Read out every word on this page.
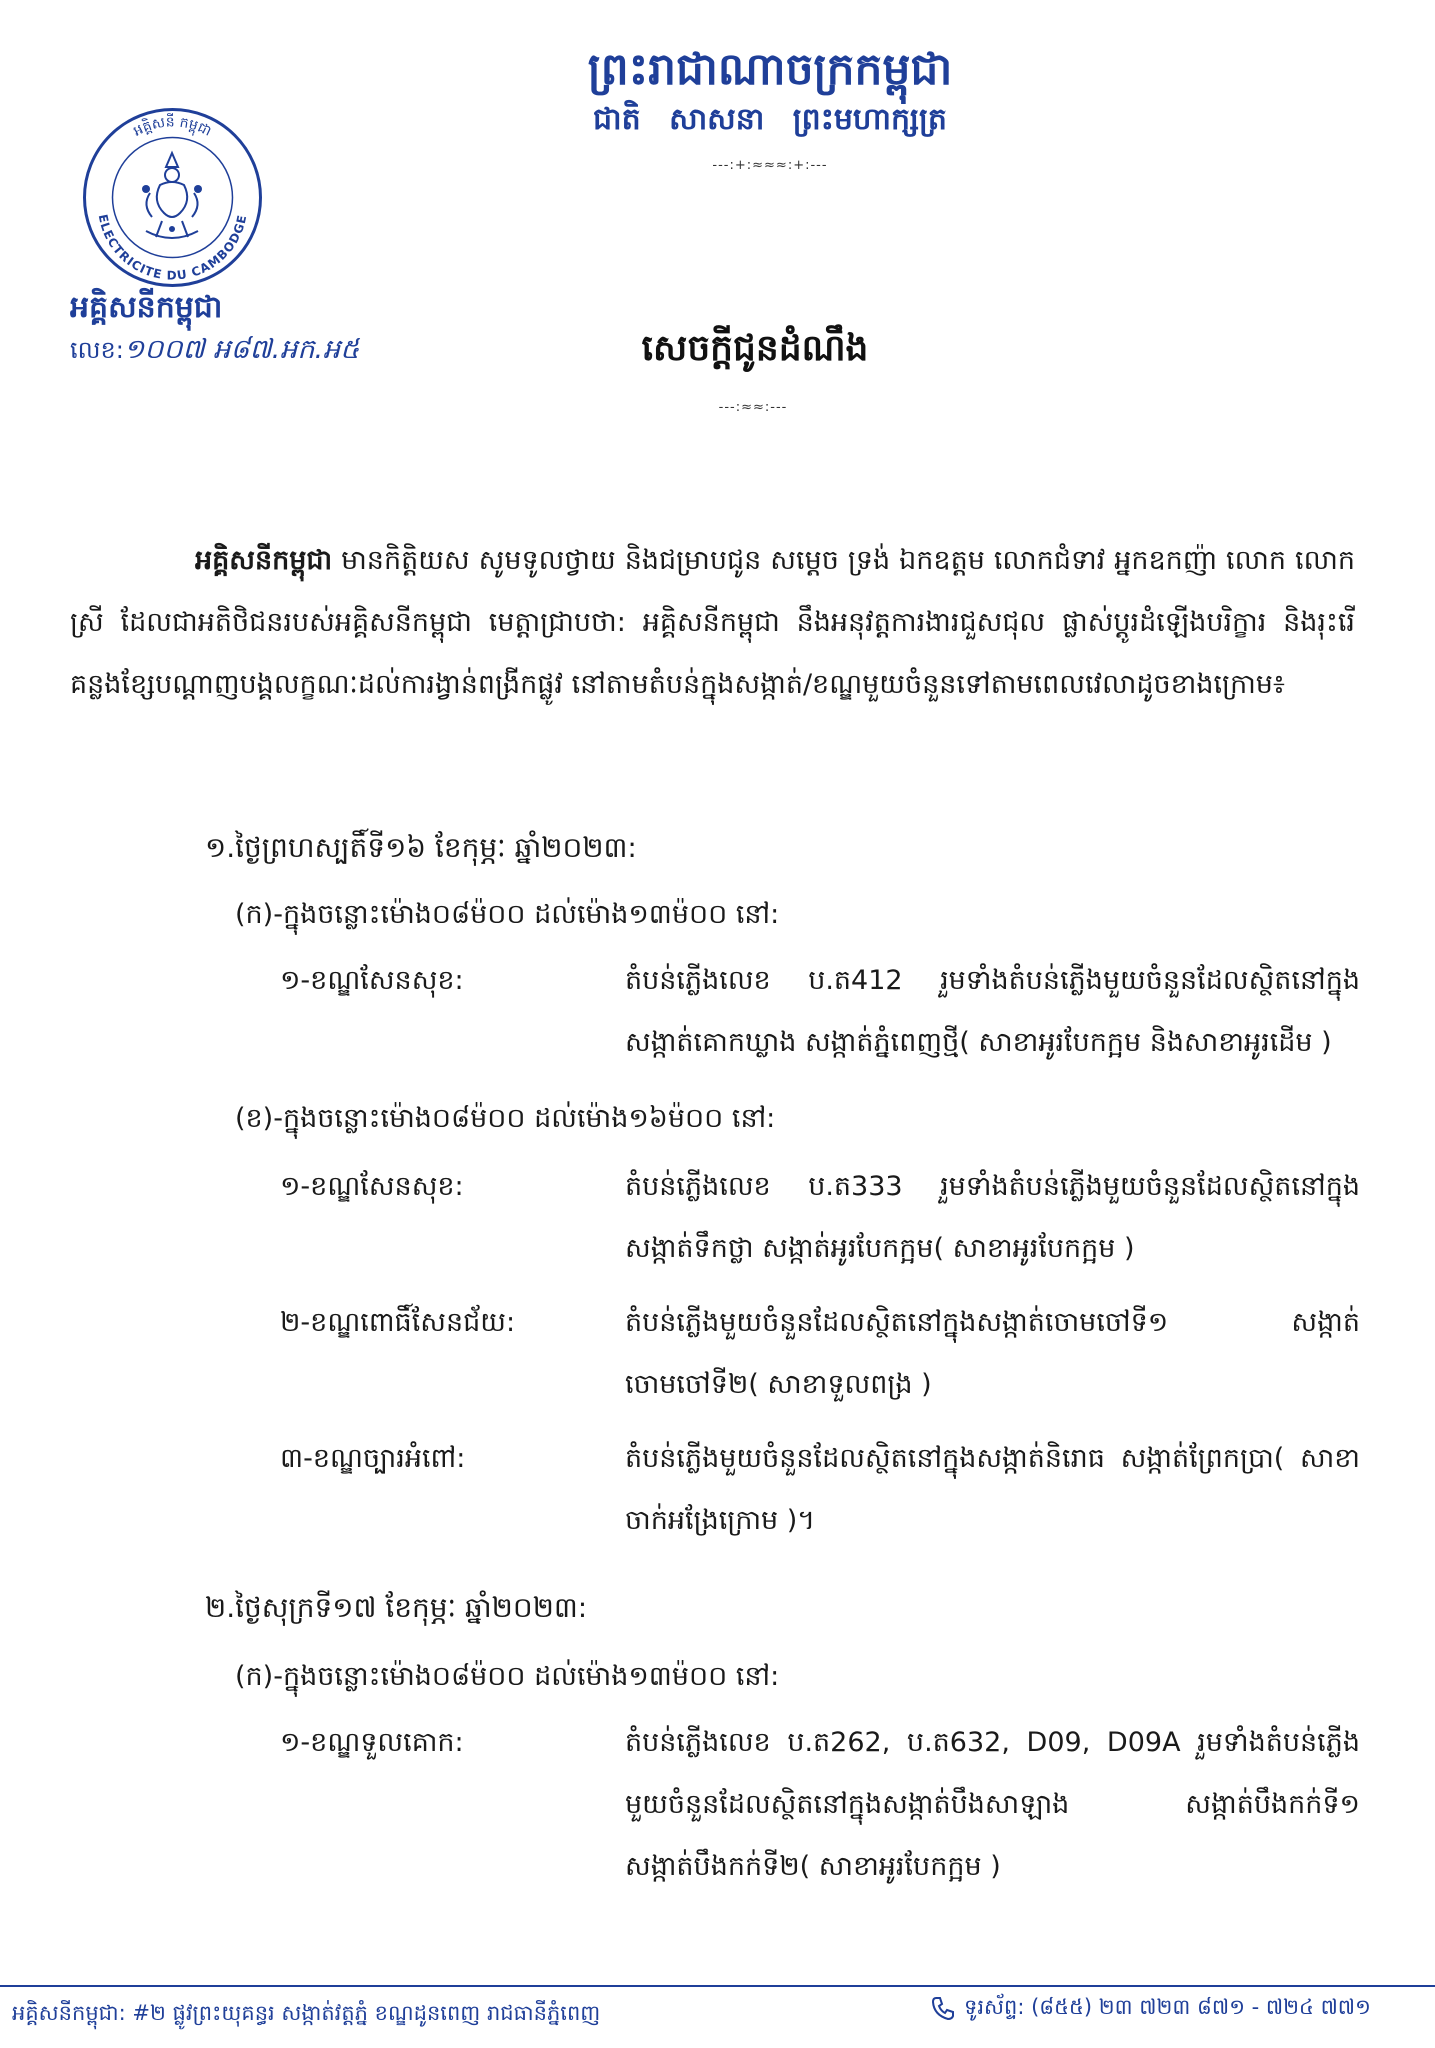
អគ្គិសនី កម្ពុជា
ELECTRICITE DU CAMBODGE
ព្រះរាជាណាចក្រកម្ពុជា
ជាតិ សាសនា ព្រះមហាក្សត្រ
---:+:≈≈≈:+:---
អគ្គិសនីកម្ពុជា
លេខ:១០០៧ អ៨៧.អក.អ៥	សេចក្តីជូនដំណឹង
---:≈≈:---
អគ្គិសនីកម្ពុជា មានកិត្តិយស សូមទូលថ្វាយ និងជម្រាបជូន សម្តេច ទ្រង់ ឯកឧត្តម លោកជំទាវ អ្នកឧកញ៉ា លោក លោកស្រី ដែលជាអតិថិជនរបស់អគ្គិសនីកម្ពុជា មេត្តាជ្រាបថា: អគ្គិសនីកម្ពុជា នឹងអនុវត្តការងារជួសជុល ផ្លាស់ប្តូរដំឡើងបរិក្ខារ និងរុះរើគន្លងខ្សែបណ្តាញបង្គលក្ខណៈដល់ការង្វាន់ពង្រីកផ្លូវ នៅតាមតំបន់ក្នុងសង្កាត់/ខណ្ឌមួយចំនួនទៅតាមពេលវេលាដូចខាងក្រោម៖
១.ថ្ងៃព្រហស្បតិ៍ទី១៦ ខែកុម្ភៈ ឆ្នាំ២០២៣:
(ក)-ក្នុងចន្លោះម៉ោង០៨ម៉០០ ដល់ម៉ោង១៣ម៉០០ នៅ:
១-ខណ្ឌសែនសុខ:	តំបន់ភ្លើងលេខ ប.ត412 រួមទាំងតំបន់ភ្លើងមួយចំនួនដែលស្ថិតនៅក្នុងសង្កាត់គោកឃ្លាង សង្កាត់ភ្នំពេញថ្មី( សាខាអូរបែកក្អម និងសាខាអូរដើម )
(ខ)-ក្នុងចន្លោះម៉ោង០៨ម៉០០ ដល់ម៉ោង១៦ម៉០០ នៅ:
១-ខណ្ឌសែនសុខ:	តំបន់ភ្លើងលេខ ប.ត333 រួមទាំងតំបន់ភ្លើងមួយចំនួនដែលស្ថិតនៅក្នុងសង្កាត់ទឹកថ្លា សង្កាត់អូរបែកក្អម( សាខាអូរបែកក្អម )
២-ខណ្ឌពោធិ៍សែនជ័យ:	តំបន់ភ្លើងមួយចំនួនដែលស្ថិតនៅក្នុងសង្កាត់ចោមចៅទី១ សង្កាត់ចោមចៅទី២( សាខាទួលពង្រ )
៣-ខណ្ឌច្បារអំពៅ:	តំបន់ភ្លើងមួយចំនួនដែលស្ថិតនៅក្នុងសង្កាត់និរោធ សង្កាត់ព្រែកប្រា( សាខាចាក់អង្រែក្រោម )។
២.ថ្ងៃសុក្រទី១៧ ខែកុម្ភៈ ឆ្នាំ២០២៣:
(ក)-ក្នុងចន្លោះម៉ោង០៨ម៉០០ ដល់ម៉ោង១៣ម៉០០ នៅ:
១-ខណ្ឌទួលគោក:	តំបន់ភ្លើងលេខ ប.ត262, ប.ត632, D09, D09A រួមទាំងតំបន់ភ្លើងមួយចំនួនដែលស្ថិតនៅក្នុងសង្កាត់បឹងសាឡាង សង្កាត់បឹងកក់ទី១ សង្កាត់បឹងកក់ទី២( សាខាអូរបែកក្អម )
អគ្គិសនីកម្ពុជា: #២ ផ្លូវព្រះយុគន្ធរ សង្កាត់វត្តភ្នំ ខណ្ឌដូនពេញ រាជធានីភ្នំពេញ	ទូរស័ព្ទ: (៨៥៥) ២៣ ៧២៣ ៨៧១ - ៧២៤ ៧៧១
